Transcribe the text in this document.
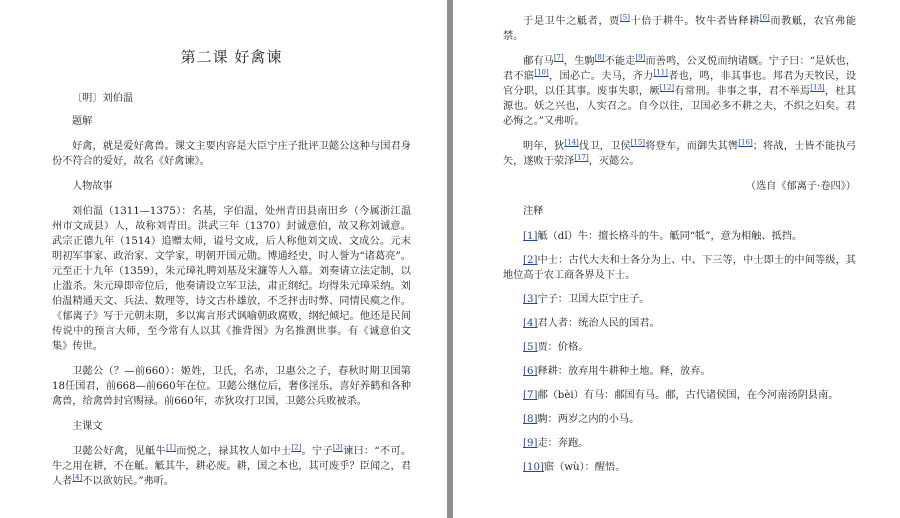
第二课 好禽谏

〔明〕刘伯温

题解

好禽，就是爱好禽兽。课文主要内容是大臣宁庄子批评卫懿公这种与国君身份不符合的爱好，故名《好禽谏》。

人物故事

刘伯温（1311—1375）：名基，字伯温，处州青田县南田乡（今属浙江温州市文成县）人，故称刘青田。洪武三年（1370）封诚意伯，故又称刘诚意。武宗正德九年（1514）追赠太师，谥号文成，后人称他刘文成、文成公。元末明初军事家、政治家、文学家，明朝开国元勋。博通经史，时人誉为“诸葛亮”。元至正十九年（1359），朱元璋礼聘刘基及宋濂等人入幕。刘奏请立法定制，以止滥杀。朱元璋即帝位后，他奏请设立军卫法，肃正纲纪。均得朱元璋采纳。刘伯温精通天文、兵法、数理等，诗文古朴雄放，不乏抨击时弊、同情民瘼之作。《郁离子》写于元朝末期，多以寓言形式讽喻朝政腐败，纲纪倾圮。他还是民间传说中的预言大师，至今常有人以其《推背图》为名推测世事。有《诚意伯文集》传世。

卫懿公（？—前660）：姬姓，卫氏，名赤，卫惠公之子，春秋时期卫国第18任国君，前668—前660年在位。卫懿公继位后，奢侈淫乐，喜好养鹤和各种禽兽，给禽兽封官赐禄。前660年，赤狄攻打卫国，卫懿公兵败被杀。

主课文

卫懿公好禽，见觝牛[1]而悦之，禄其牧人如中士[2]。宁子[3]谏曰：“不可。牛之用在耕，不在觝。觝其牛，耕必废。耕，国之本也，其可废乎？臣闻之，君人者[4]不以欲妨民。”弗听。

于是卫牛之觝者，贾[5]十倍于耕牛。牧牛者皆释耕[6]而教觝，农官弗能禁。

郙有马[7]，生駒[8]不能走[9]而善鸣，公叉悦而纳诸厩。宁子曰：“是妖也，君不寤[10]，国必亡。夫马，齐力[11]者也，鸣，非其事也。邦君为天牧民，设官分职，以任其事。废事失职，厥[12]有常刑。非事之事，君不举焉[13]，杜其源也。妖之兴也，人实召之。自今以往，卫国必多不耕之夫，不织之妇矣。君必悔之。”又弗听。

明年，狄[14]伐卫，卫侯[15]将登车，而御失其辔[16]；将战，士皆不能执弓矢，遂败于荥泽[17]，灭懿公。

（选自《郁离子·卷四》）

注释

[1]觝（dǐ）牛：擅长格斗的牛。觝同“牴”，意为相触、抵挡。

[2]中士：古代大夫和士各分为上、中、下三等，中士即士的中间等级，其地位高于农工商各界及下士。

[3]宁子：卫国大臣宁庄子。

[4]君人者：统治人民的国君。

[5]贾：价格。

[6]释耕：放弃用牛耕种土地。释，放弃。

[7]郙（bèi）有马：郙国有马。郙，古代诸侯国，在今河南汤阴县南。

[8]駒：两岁之内的小马。

[9]走：奔跑。

[10]寤（wù）：醒悟。
